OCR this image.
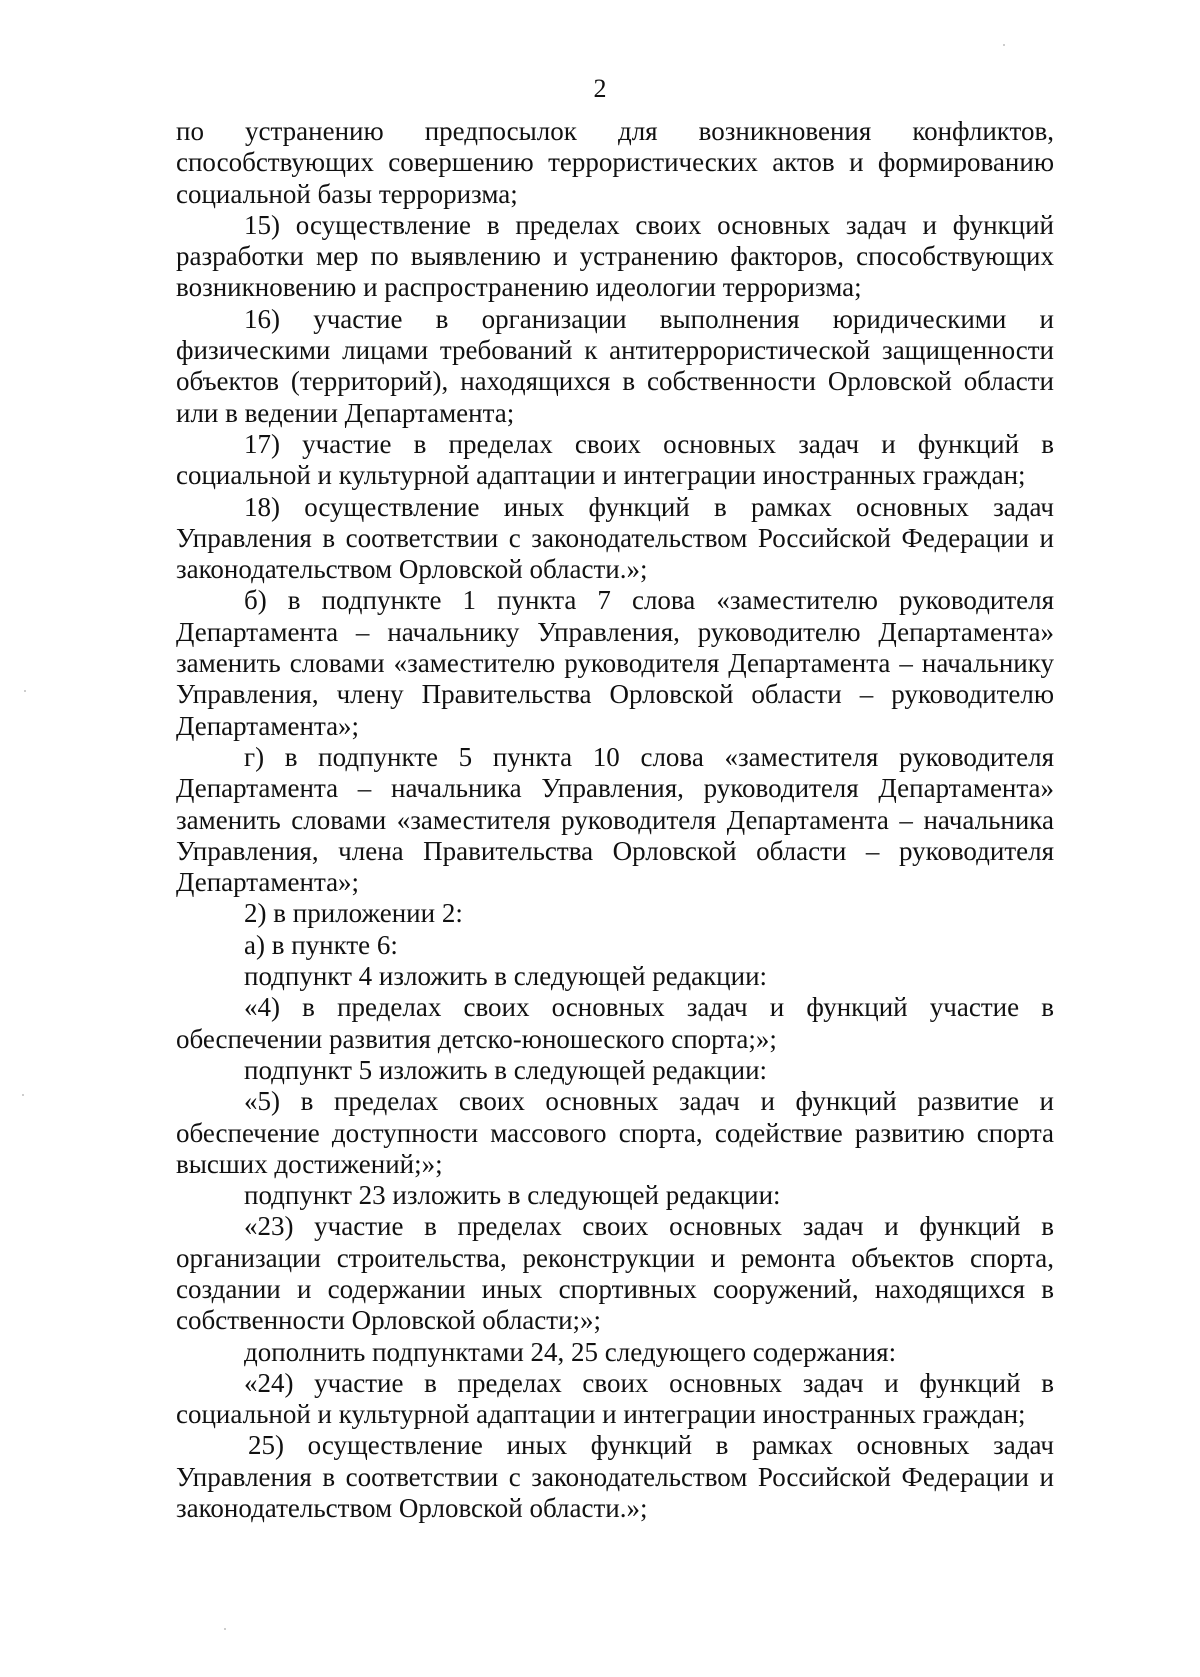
2

по устранению предпосылок для возникновения конфликтов, способствующих совершению террористических актов и формированию социальной базы терроризма;

15) осуществление в пределах своих основных задач и функций разработки мер по выявлению и устранению факторов, способствующих возникновению и распространению идеологии терроризма;

16) участие в организации выполнения юридическими и физическими лицами требований к антитеррористической защищенности объектов (территорий), находящихся в собственности Орловской области или в ведении Департамента;

17) участие в пределах своих основных задач и функций в социальной и культурной адаптации и интеграции иностранных граждан;

18) осуществление иных функций в рамках основных задач Управления в соответствии с законодательством Российской Федерации и законодательством Орловской области.»;

б) в подпункте 1 пункта 7 слова «заместителю руководителя Департамента – начальнику Управления, руководителю Департамента» заменить словами «заместителю руководителя Департамента – начальнику Управления, члену Правительства Орловской области – руководителю Департамента»;

г) в подпункте 5 пункта 10 слова «заместителя руководителя Департамента – начальника Управления, руководителя Департамента» заменить словами «заместителя руководителя Департамента – начальника Управления, члена Правительства Орловской области – руководителя Департамента»;

2) в приложении 2:

а) в пункте 6:

подпункт 4 изложить в следующей редакции:

«4) в пределах своих основных задач и функций участие в обеспечении развития детско-юношеского спорта;»;

подпункт 5 изложить в следующей редакции:

«5) в пределах своих основных задач и функций развитие и обеспечение доступности массового спорта, содействие развитию спорта высших достижений;»;

подпункт 23 изложить в следующей редакции:

«23) участие в пределах своих основных задач и функций в организации строительства, реконструкции и ремонта объектов спорта, создании и содержании иных спортивных сооружений, находящихся в собственности Орловской области;»;

дополнить подпунктами 24, 25 следующего содержания:

«24) участие в пределах своих основных задач и функций в социальной и культурной адаптации и интеграции иностранных граждан;

25) осуществление иных функций в рамках основных задач Управления в соответствии с законодательством Российской Федерации и законодательством Орловской области.»;
